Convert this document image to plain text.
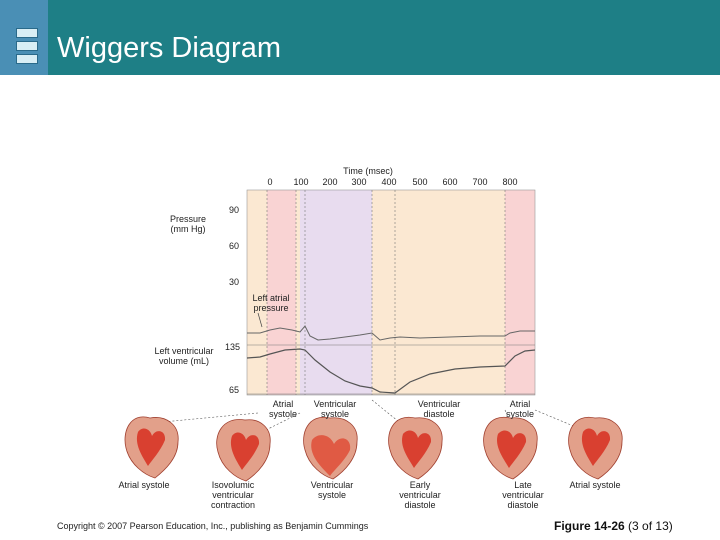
Wiggers Diagram
Time (msec)
0	100	200	300	400	500	600	700	800
Pressure (mm Hg)
90
60
30
Left ventricular volume (mL)
135
65
Left atrial pressure
Atrial systole
Ventricular systole
Ventricular diastole
Atrial systole
Atrial systole	Isovolumic ventricular contraction
Ventricular systole
Early ventricular diastole
Late ventricular diastole
Atrial systole
Copyright © 2007 Pearson Education, Inc., publishing as Benjamin Cummings	Figure 14-26 (3 of 13)
